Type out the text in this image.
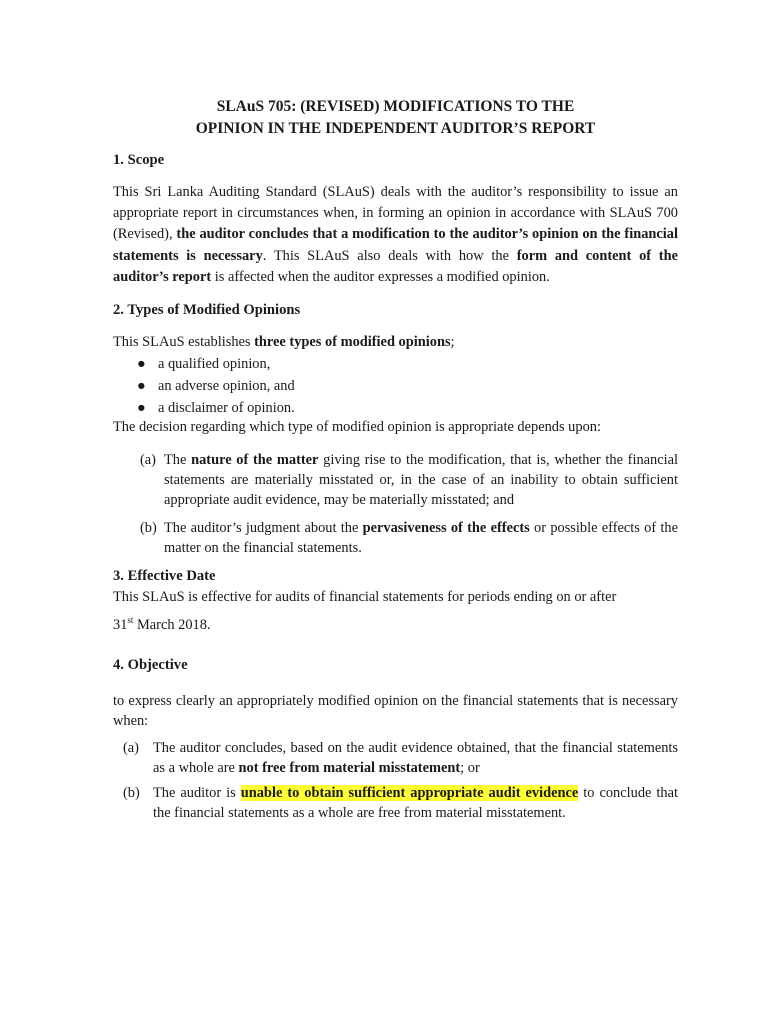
SLAuS 705: (REVISED) MODIFICATIONS TO THE
OPINION IN THE INDEPENDENT AUDITOR’S REPORT

1. Scope

This Sri Lanka Auditing Standard (SLAuS) deals with the auditor’s responsibility to issue an appropriate report in circumstances when, in forming an opinion in accordance with SLAuS 700 (Revised), the auditor concludes that a modification to the auditor’s opinion on the financial statements is necessary. This SLAuS also deals with how the form and content of the auditor’s report is affected when the auditor expresses a modified opinion.

2. Types of Modified Opinions

This SLAuS establishes three types of modified opinions;

● a qualified opinion,
● an adverse opinion, and
● a disclaimer of opinion.

The decision regarding which type of modified opinion is appropriate depends upon:

(a) The nature of the matter giving rise to the modification, that is, whether the financial statements are materially misstated or, in the case of an inability to obtain sufficient appropriate audit evidence, may be materially misstated; and
(b) The auditor’s judgment about the pervasiveness of the effects or possible effects of the matter on the financial statements.

3. Effective Date

This SLAuS is effective for audits of financial statements for periods ending on or after

31st March 2018.

4. Objective

to express clearly an appropriately modified opinion on the financial statements that is necessary when:

(a) The auditor concludes, based on the audit evidence obtained, that the financial statements as a whole are not free from material misstatement; or
(b) The auditor is unable to obtain sufficient appropriate audit evidence to conclude that the financial statements as a whole are free from material misstatement.
